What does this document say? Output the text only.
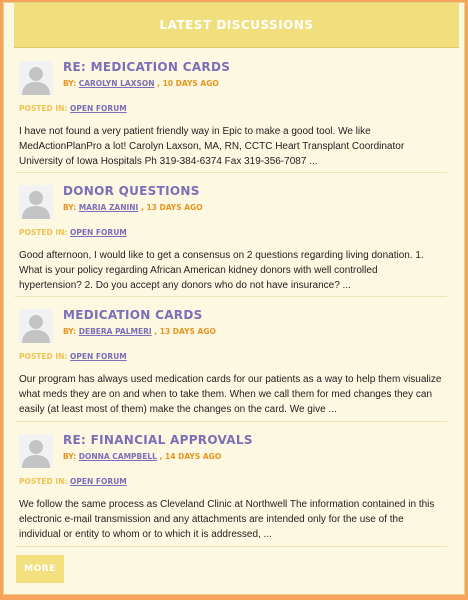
LATEST DISCUSSIONS
RE: MEDICATION CARDS
BY: CAROLYN LAXSON , 10 DAYS AGO
POSTED IN: OPEN FORUM
I have not found a very patient friendly way in Epic to make a good tool. We like MedActionPlanPro a lot! Carolyn Laxson, MA, RN, CCTC Heart Transplant Coordinator University of Iowa Hospitals Ph 319-384-6374 Fax 319-356-7087 ...
DONOR QUESTIONS
BY: MARIA ZANINI , 13 DAYS AGO
POSTED IN: OPEN FORUM
Good afternoon, I would like to get a consensus on 2 questions regarding living donation. 1. What is your policy regarding African American kidney donors with well controlled hypertension? 2. Do you accept any donors who do not have insurance? ...
MEDICATION CARDS
BY: DEBERA PALMERI , 13 DAYS AGO
POSTED IN: OPEN FORUM
Our program has always used medication cards for our patients as a way to help them visualize what meds they are on and when to take them. When we call them for med changes they can easily (at least most of them) make the changes on the card. We give ...
RE: FINANCIAL APPROVALS
BY: DONNA CAMPBELL , 14 DAYS AGO
POSTED IN: OPEN FORUM
We follow the same process as Cleveland Clinic at Northwell The information contained in this electronic e-mail transmission and any attachments are intended only for the use of the individual or entity to whom or to which it is addressed, ...
MORE
